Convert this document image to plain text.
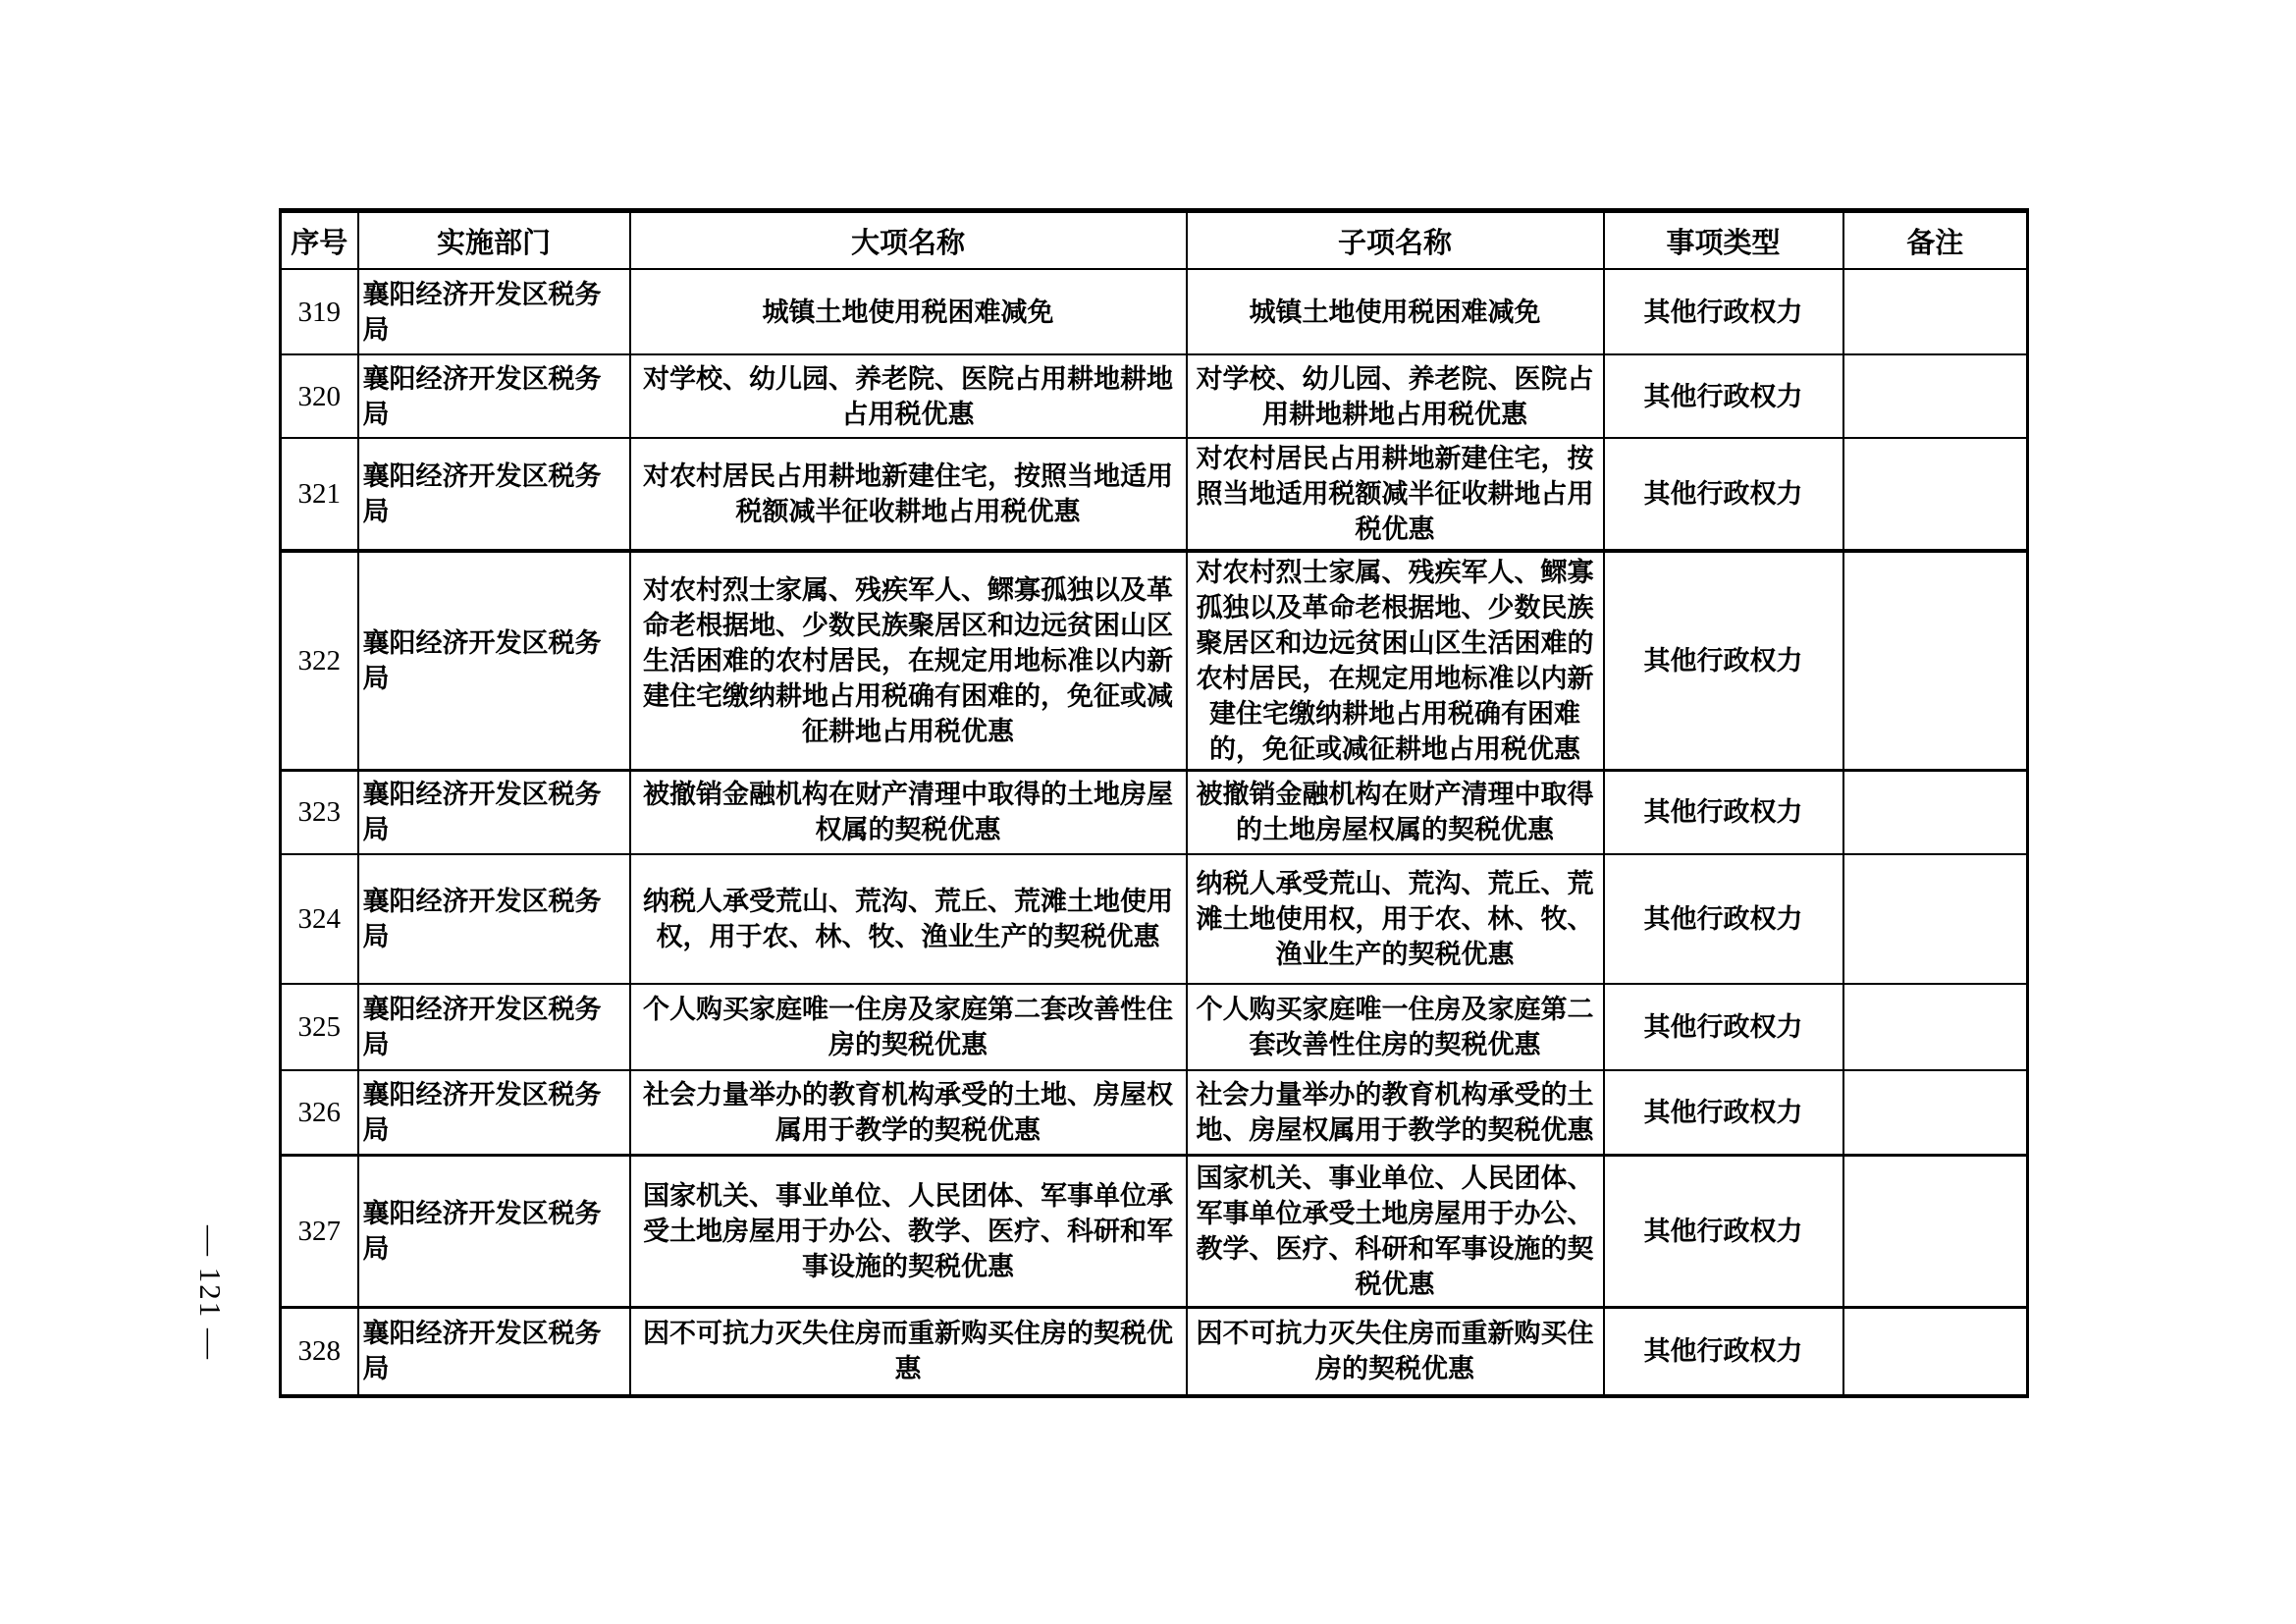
— 121 —
序号	实施部门	大项名称	子项名称	事项类型	备注
319	襄阳经济开发区税务局	城镇土地使用税困难减免	城镇土地使用税困难减免	其他行政权力	
320	襄阳经济开发区税务局	对学校、幼儿园、养老院、医院占用耕地耕地占用税优惠	对学校、幼儿园、养老院、医院占用耕地耕地占用税优惠	其他行政权力	
321	襄阳经济开发区税务局	对农村居民占用耕地新建住宅，按照当地适用税额减半征收耕地占用税优惠	对农村居民占用耕地新建住宅，按照当地适用税额减半征收耕地占用税优惠	其他行政权力	
322	襄阳经济开发区税务局	对农村烈士家属、残疾军人、鳏寡孤独以及革命老根据地、少数民族聚居区和边远贫困山区生活困难的农村居民，在规定用地标准以内新建住宅缴纳耕地占用税确有困难的，免征或减征耕地占用税优惠	对农村烈士家属、残疾军人、鳏寡孤独以及革命老根据地、少数民族聚居区和边远贫困山区生活困难的农村居民，在规定用地标准以内新建住宅缴纳耕地占用税确有困难的，免征或减征耕地占用税优惠	其他行政权力	
323	襄阳经济开发区税务局	被撤销金融机构在财产清理中取得的土地房屋权属的契税优惠	被撤销金融机构在财产清理中取得的土地房屋权属的契税优惠	其他行政权力	
324	襄阳经济开发区税务局	纳税人承受荒山、荒沟、荒丘、荒滩土地使用权，用于农、林、牧、渔业生产的契税优惠	纳税人承受荒山、荒沟、荒丘、荒滩土地使用权，用于农、林、牧、渔业生产的契税优惠	其他行政权力	
325	襄阳经济开发区税务局	个人购买家庭唯一住房及家庭第二套改善性住房的契税优惠	个人购买家庭唯一住房及家庭第二套改善性住房的契税优惠	其他行政权力	
326	襄阳经济开发区税务局	社会力量举办的教育机构承受的土地、房屋权属用于教学的契税优惠	社会力量举办的教育机构承受的土地、房屋权属用于教学的契税优惠	其他行政权力	
327	襄阳经济开发区税务局	国家机关、事业单位、人民团体、军事单位承受土地房屋用于办公、教学、医疗、科研和军事设施的契税优惠	国家机关、事业单位、人民团体、军事单位承受土地房屋用于办公、教学、医疗、科研和军事设施的契税优惠	其他行政权力	
328	襄阳经济开发区税务局	因不可抗力灭失住房而重新购买住房的契税优惠	因不可抗力灭失住房而重新购买住房的契税优惠	其他行政权力	
